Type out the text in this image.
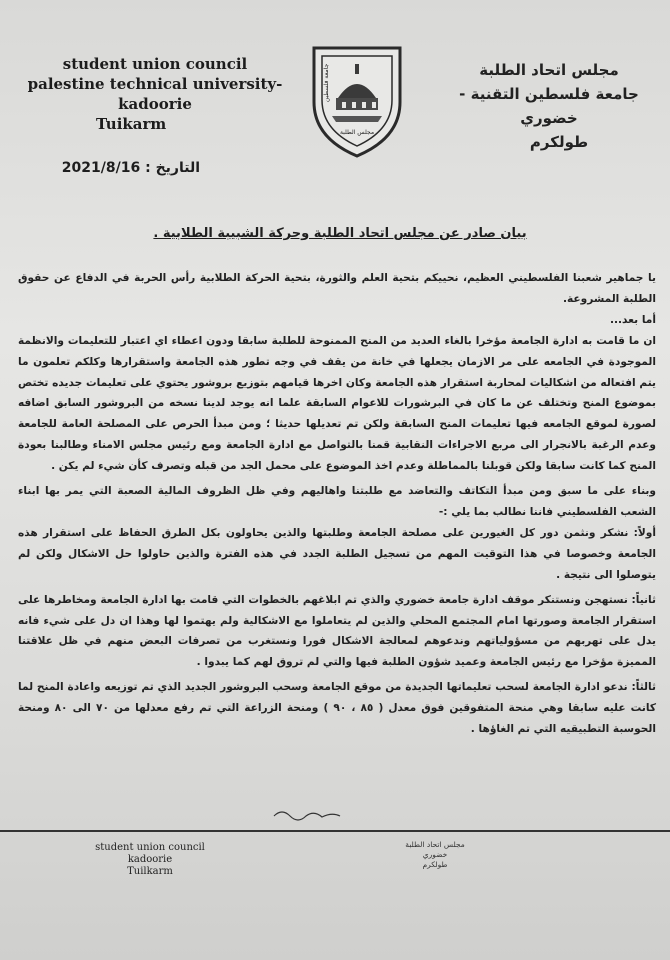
student union council
palestine technical university- kadoorie
Tuikarm
جامعة فلسطين
مجلس الطلبة
مجلس اتحاد الطلبة
جامعة فلسطين التقنية - خضوري
طولكرم
التاريخ : 2021/8/16
بيان صادر عن مجلس اتحاد الطلبة وحركة الشبيبة الطلابية .

يا جماهير شعبنا الفلسطيني العظيم، نحييكم بتحية العلم والثورة، بتحية الحركة الطلابية رأس الحربة في الدفاع عن حقوق الطلبة المشروعة.

أما بعد...

ان ما قامت به ادارة الجامعة مؤخرا بالغاء العديد من المنح الممنوحة للطلبة سابقا ودون اعطاء اي اعتبار للتعليمات والانظمة الموجودة في الجامعه على مر الازمان يجعلها في خانة من يقف في وجه تطور هذه الجامعة واستقرارها وكلكم تعلمون ما يتم افتعاله من اشكاليات لمحاربة استقرار هذه الجامعة وكان اخرها قيامهم بتوزيع بروشور يحتوي على تعليمات جديده تختص بموضوع المنح وتختلف عن ما كان في البرشورات للاعوام السابقة علما انه يوجد لدينا نسخه من البروشور السابق اضافه لصورة لموقع الجامعه فيها تعليمات المنح السابقة ولكن تم تعديلها حديثا ؛ ومن مبدأ الحرص على المصلحة العامة للجامعة وعدم الرغبة بالانجرار الى مربع الاجراءات النقابية قمنا بالتواصل مع ادارة الجامعة ومع رئيس مجلس الامناء وطالبنا بعودة المنح كما كانت سابقا ولكن قوبلنا بالمماطلة وعدم اخذ الموضوع على محمل الجد من قبله وتصرف كأن شيء لم يكن .

وبناء على ما سبق ومن مبدأ التكاتف والتعاضد مع طلبتنا واهاليهم وفي ظل الظروف المالية الصعبة التي يمر بها ابناء الشعب الفلسطيني فاننا نطالب بما يلي :-

أولاً: نشكر ونثمن دور كل الغيورين على مصلحة الجامعة وطلبتها والذين يحاولون بكل الطرق الحفاظ على استقرار هذه الجامعة وخصوصا في هذا التوقيت المهم من تسجيل الطلبة الجدد في هذه الفترة والذين حاولوا حل الاشكال ولكن لم يتوصلوا الى نتيجة .

ثانياً: نستهجن ونستنكر موقف ادارة جامعة خضوري والذي تم ابلاغهم بالخطوات التي قامت بها ادارة الجامعة ومخاطرها على استقرار الجامعة وصورتها امام المجتمع المحلي والذين لم يتعاملوا مع الاشكالية ولم يهتموا لها وهذا ان دل على شيء فانه يدل على تهربهم من مسؤولياتهم وندعوهم لمعالجة الاشكال فورا ونستغرب من تصرفات البعض منهم في ظل علاقتنا المميزة مؤخرا مع رئيس الجامعة وعميد شؤون الطلبة فيها والتي لم تروق لهم كما يبدوا .

ثالثاً: ندعو ادارة الجامعة لسحب تعليماتها الجديدة من موقع الجامعة وسحب البروشور الجديد الذي تم توزيعه واعادة المنح لما كانت عليه سابقا وهي منحة المتفوقين فوق معدل ( ٨٥ ، ٩٠ ) ومنحة الزراعة التي تم رفع معدلها من ٧٠ الى ٨٠ ومنحة الحوسبة التطبيقيه التي تم الغاؤها .

student union council
kadoorie
Tuilkarm
مجلس اتحاد الطلبة
خضوري
طولكرم
